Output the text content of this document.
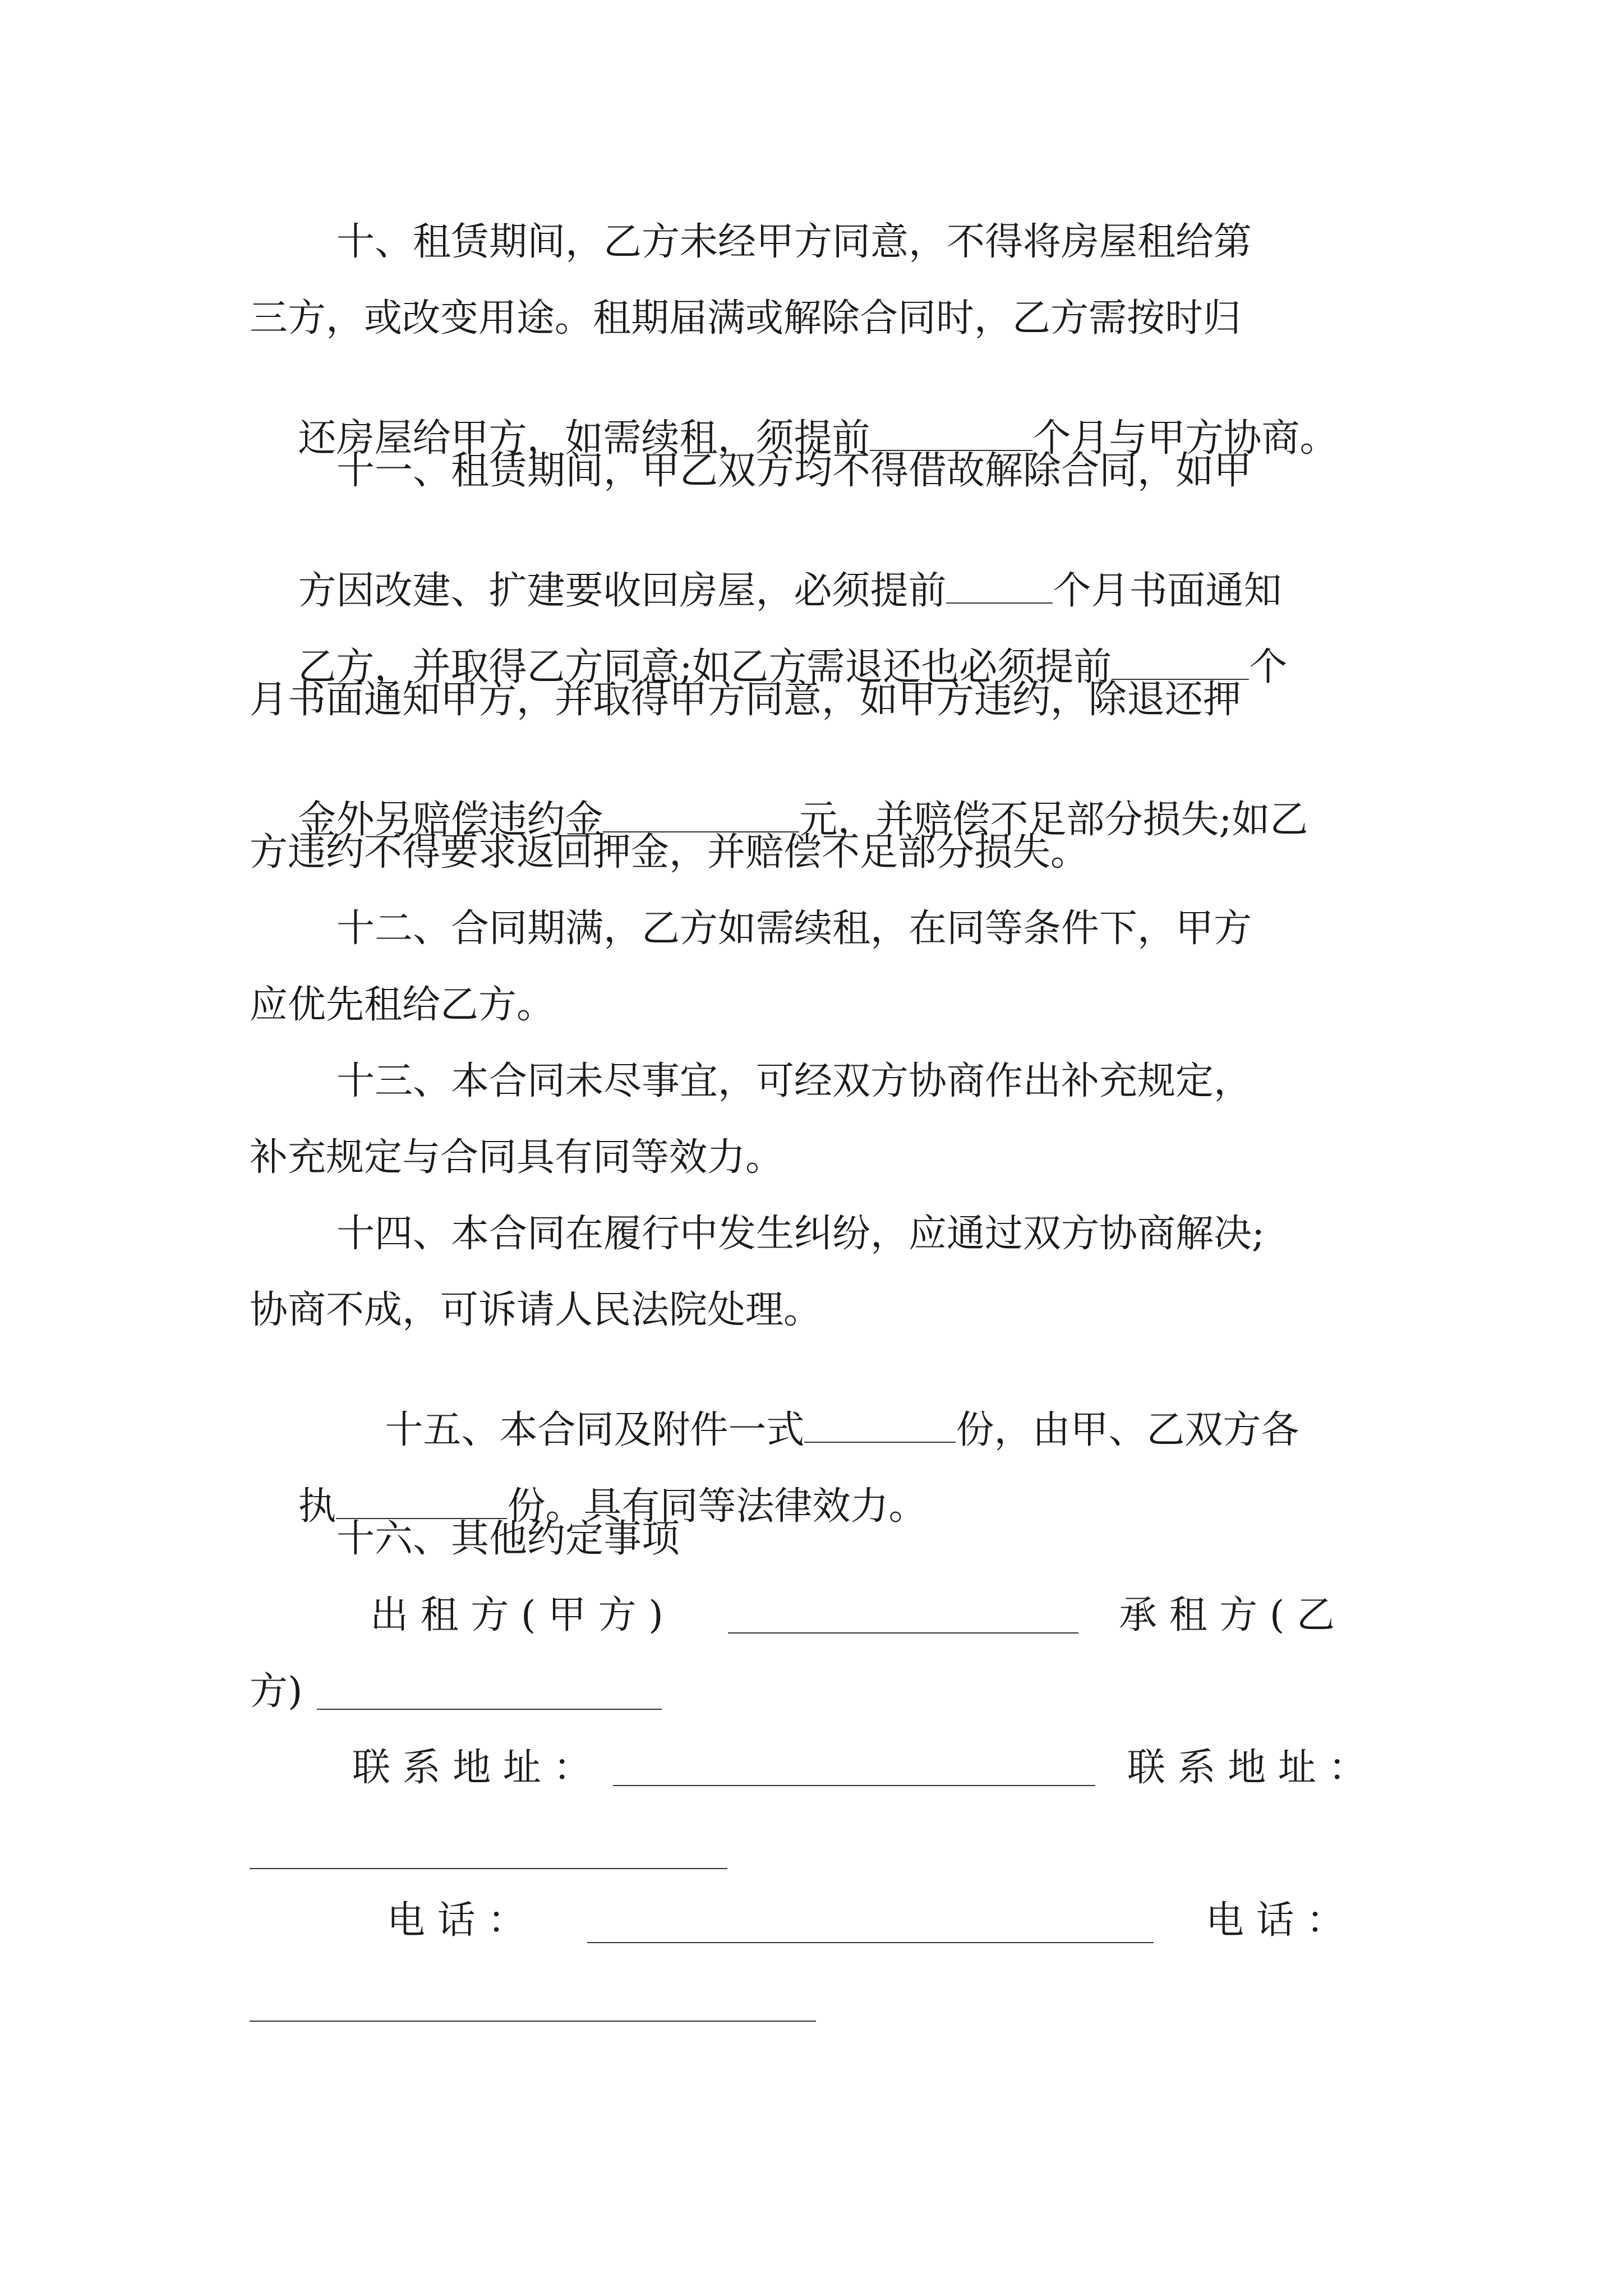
十、租赁期间，乙方未经甲方同意，不得将房屋租给第
三方，或改变用途。租期届满或解除合同时，乙方需按时归

还房屋给甲方，如需续租，须提前	个月与甲方协商。

十一、租赁期间，甲乙双方均不得借故解除合同，如甲

方因改建、扩建要收回房屋，必须提前	个月书面通知

乙方，并取得乙方同意;如乙方需退还也必须提前	个

月书面通知甲方，并取得甲方同意，如甲方违约，除退还押

金外另赔偿违约金	元，并赔偿不足部分损失;如乙

方违约不得要求返回押金，并赔偿不足部分损失。
十二、合同期满，乙方如需续租，在同等条件下，甲方
应优先租给乙方。
十三、本合同未尽事宜，可经双方协商作出补充规定，
补充规定与合同具有同等效力。
十四、本合同在履行中发生纠纷，应通过双方协商解决;
协商不成，可诉请人民法院处理。

十五、本合同及附件一式	份，由甲、乙双方各

执	份。具有同等法律效力。

十六、其他约定事项
出 租 方 ( 甲 方 )	承 租 方 ( 乙
方)
联 系 地 址 ：	联 系 地 址 ：
电 话 ：	电 话 ：
